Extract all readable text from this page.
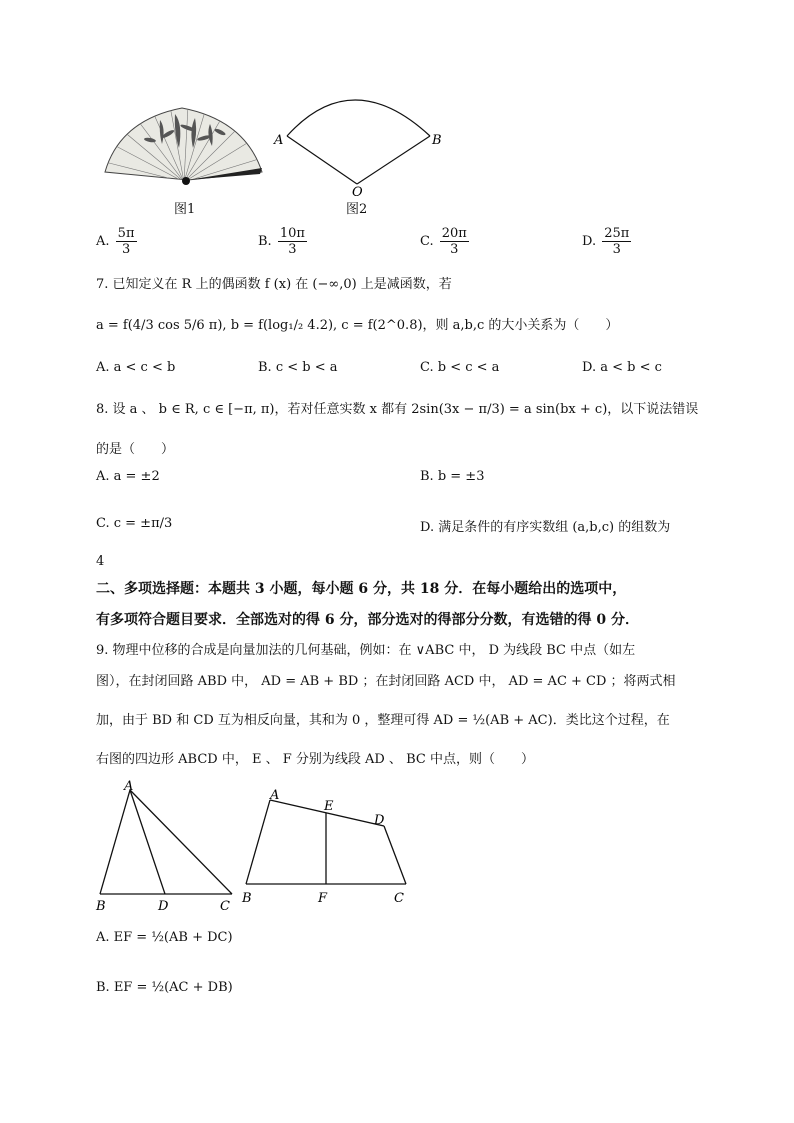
图1
A	B
O
图2
A. $\frac{5\pi}{3}$	B. $\frac{10\pi}{3}$	C. $\frac{20\pi}{3}$	D. $\frac{25\pi}{3}$
7. 已知定义在 R 上的偶函数 f (x) 在 (−∞,0) 上是减函数，若
a = f(4/3 cos 5/6 π), b = f(log₁/₂ 4.2), c = f(2^0.8)，则 a,b,c 的大小关系为（　　）
A. a < c < b	B. c < b < a	C. b < c < a	D. a < b < c
8. 设 a 、 b ∈ R, c ∈ [−π, π)，若对任意实数 x 都有 2sin(3x − π/3) = a sin(bx + c)，以下说法错误
的是（　　）
A. a = ±2	B. b = ±3
C. c = ±π/3	D. 满足条件的有序实数组 (a,b,c) 的组数为
4
二、多项选择题：本题共 3 小题，每小题 6 分，共 18 分．在每小题给出的选项中，
有多项符合题目要求．全部选对的得 6 分，部分选对的得部分分数，有选错的得 0 分．
9. 物理中位移的合成是向量加法的几何基础，例如：在 ∨ABC 中， D 为线段 BC 中点（如左
图），在封闭回路 ABD 中， AD = AB + BD ；在封闭回路 ACD 中， AD = AC + CD ；将两式相
加，由于 BD 和 CD 互为相反向量，其和为 0 ，整理可得 AD = ½(AB + AC)．类比这个过程，在
右图的四边形 ABCD 中， E 、 F 分别为线段 AD 、 BC 中点，则（　　）
A
B	D	C
A
E
D
B	F	C
A. EF = ½(AB + DC)
B. EF = ½(AC + DB)
